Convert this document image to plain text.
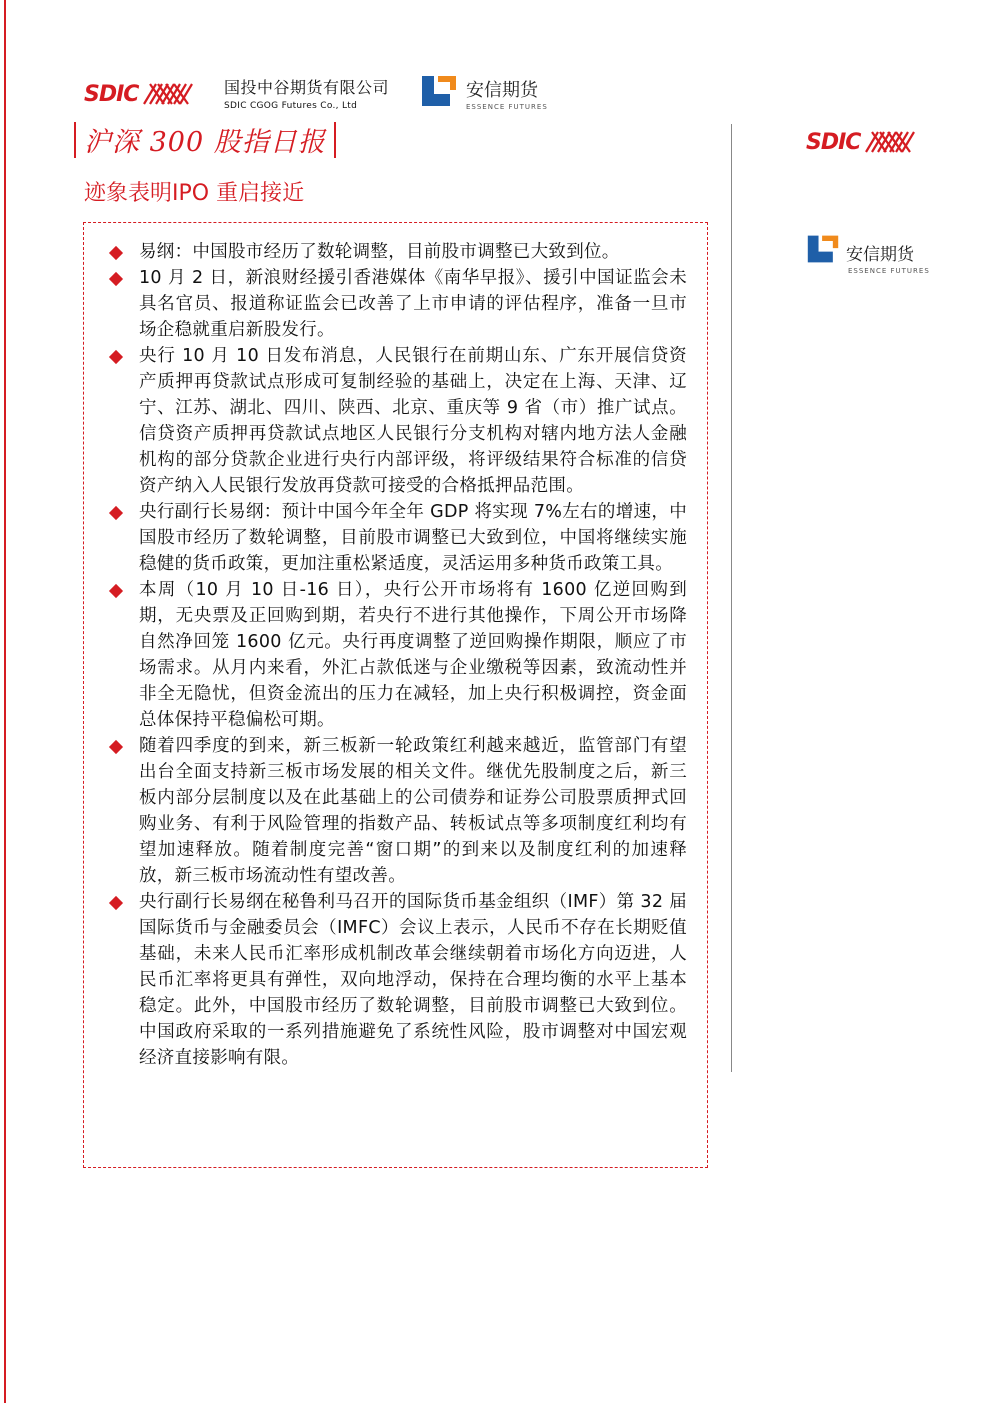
SDIC	国投中谷期货有限公司
SDIC CGOG Futures Co., Ltd
安信期货
ESSENCE FUTURES
沪深 300 股指日报
迹象表明IPO 重启接近
SDIC
安信期货
ESSENCE FUTURES
易纲：中国股市经历了数轮调整，目前股市调整已大致到位。
10 月 2 日，新浪财经援引香港媒体《南华早报》、援引中国证监会未具名官员、报道称证监会已改善了上市申请的评估程序，准备一旦市场企稳就重启新股发行。
央行 10 月 10 日发布消息，人民银行在前期山东、广东开展信贷资产质押再贷款试点形成可复制经验的基础上，决定在上海、天津、辽宁、江苏、湖北、四川、陕西、北京、重庆等 9 省（市）推广试点。 信贷资产质押再贷款试点地区人民银行分支机构对辖内地方法人金融机构的部分贷款企业进行央行内部评级，将评级结果符合标准的信贷资产纳入人民银行发放再贷款可接受的合格抵押品范围。
央行副行长易纲：预计中国今年全年 GDP 将实现 7%左右的增速，中国股市经历了数轮调整，目前股市调整已大致到位，中国将继续实施稳健的货币政策，更加注重松紧适度，灵活运用多种货币政策工具。
本周（10 月 10 日-16 日），央行公开市场将有 1600 亿逆回购到期，无央票及正回购到期，若央行不进行其他操作，下周公开市场降自然净回笼 1600 亿元。央行再度调整了逆回购操作期限，顺应了市场需求。从月内来看，外汇占款低迷与企业缴税等因素，致流动性并非全无隐忧，但资金流出的压力在减轻，加上央行积极调控，资金面总体保持平稳偏松可期。
随着四季度的到来，新三板新一轮政策红利越来越近，监管部门有望出台全面支持新三板市场发展的相关文件。继优先股制度之后，新三板内部分层制度以及在此基础上的公司债券和证券公司股票质押式回购业务、有利于风险管理的指数产品、转板试点等多项制度红利均有望加速释放。随着制度完善“窗口期”的到来以及制度红利的加速释放，新三板市场流动性有望改善。
央行副行长易纲在秘鲁利马召开的国际货币基金组织（IMF）第 32 届国际货币与金融委员会（IMFC）会议上表示，人民币不存在长期贬值基础，未来人民币汇率形成机制改革会继续朝着市场化方向迈进，人民币汇率将更具有弹性，双向地浮动，保持在合理均衡的水平上基本稳定。此外，中国股市经历了数轮调整，目前股市调整已大致到位。中国政府采取的一系列措施避免了系统性风险，股市调整对中国宏观经济直接影响有限。
